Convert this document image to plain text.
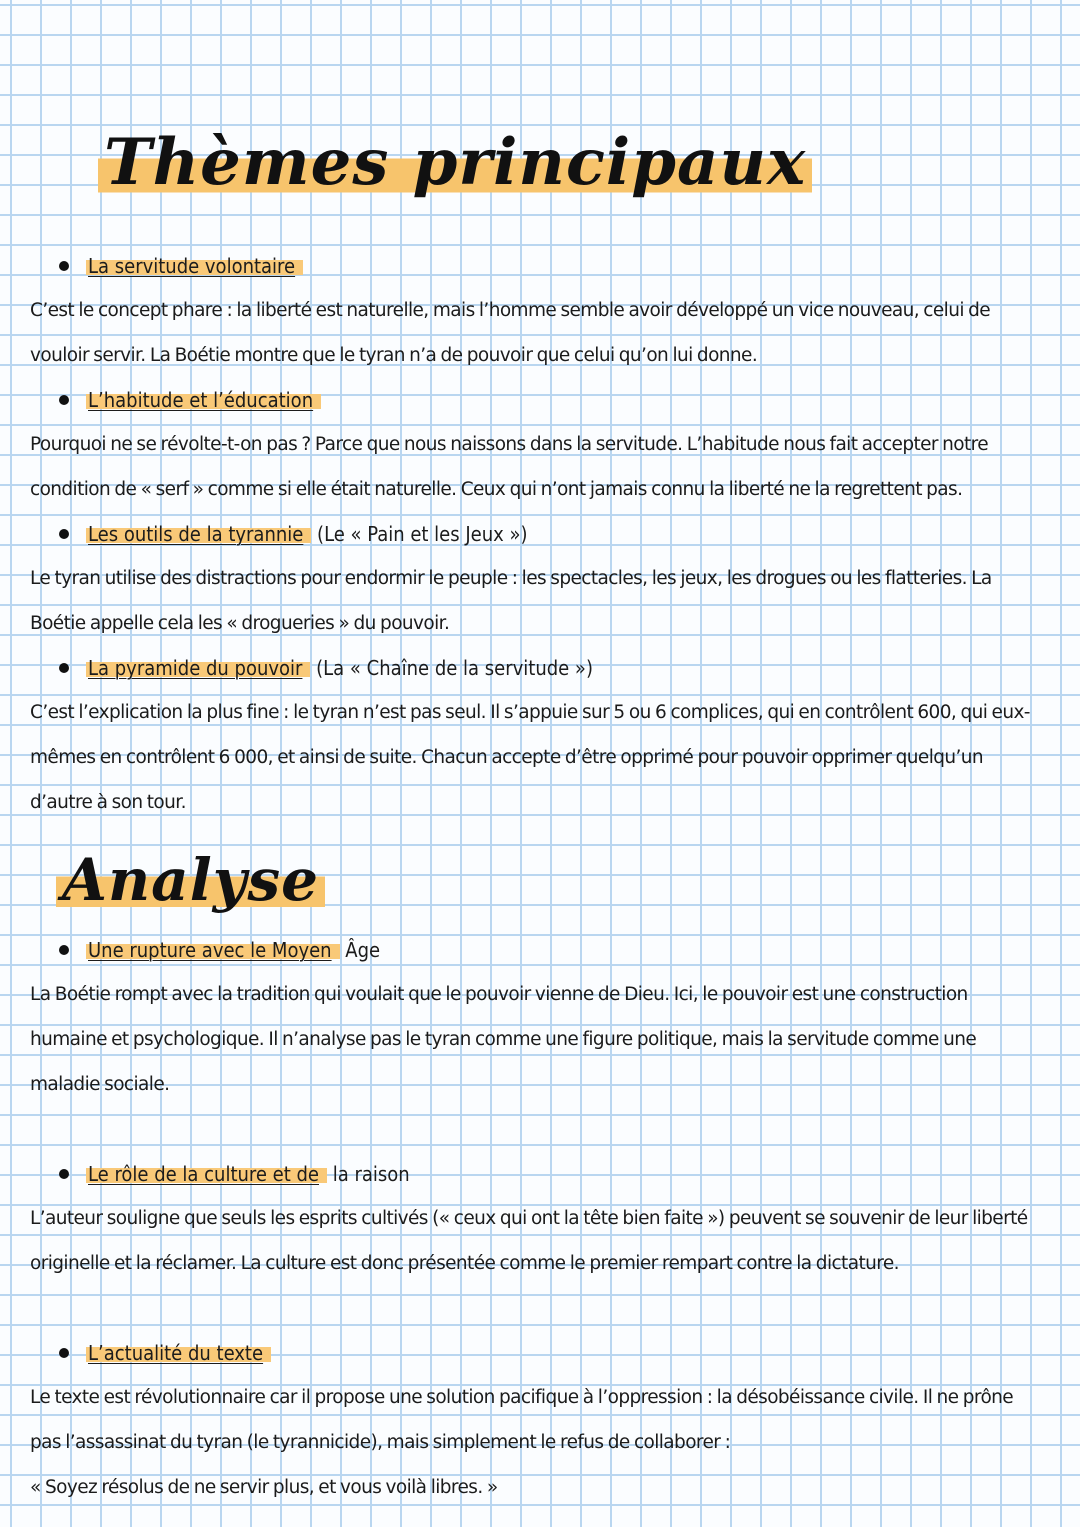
Thèmes principaux
La servitude volontaire

C’est le concept phare : la liberté est naturelle, mais l’homme semble avoir développé un vice nouveau, celui de vouloir servir. La Boétie montre que le tyran n’a de pouvoir que celui qu’on lui donne.

L’habitude et l’éducation

Pourquoi ne se révolte-t-on pas ? Parce que nous naissons dans la servitude. L’habitude nous fait accepter notre condition de « serf » comme si elle était naturelle. Ceux qui n’ont jamais connu la liberté ne la regrettent pas.

Les outils de la tyrannie (Le « Pain et les Jeux »)

Le tyran utilise des distractions pour endormir le peuple : les spectacles, les jeux, les drogues ou les flatteries. La Boétie appelle cela les « drogueries » du pouvoir.

La pyramide du pouvoir (La « Chaîne de la servitude »)

C’est l’explication la plus fine : le tyran n’est pas seul. Il s’appuie sur 5 ou 6 complices, qui en contrôlent 600, qui eux-mêmes en contrôlent 6 000, et ainsi de suite. Chacun accepte d’être opprimé pour pouvoir opprimer quelqu’un d’autre à son tour.

Analyse
Une rupture avec le Moyen Âge

La Boétie rompt avec la tradition qui voulait que le pouvoir vienne de Dieu. Ici, le pouvoir est une construction humaine et psychologique. Il n’analyse pas le tyran comme une figure politique, mais la servitude comme une maladie sociale.

Le rôle de la culture et de la raison

L’auteur souligne que seuls les esprits cultivés (« ceux qui ont la tête bien faite ») peuvent se souvenir de leur liberté originelle et la réclamer. La culture est donc présentée comme le premier rempart contre la dictature.

L’actualité du texte

Le texte est révolutionnaire car il propose une solution pacifique à l’oppression : la désobéissance civile. Il ne prône pas l’assassinat du tyran (le tyrannicide), mais simplement le refus de collaborer :

« Soyez résolus de ne servir plus, et vous voilà libres. »
